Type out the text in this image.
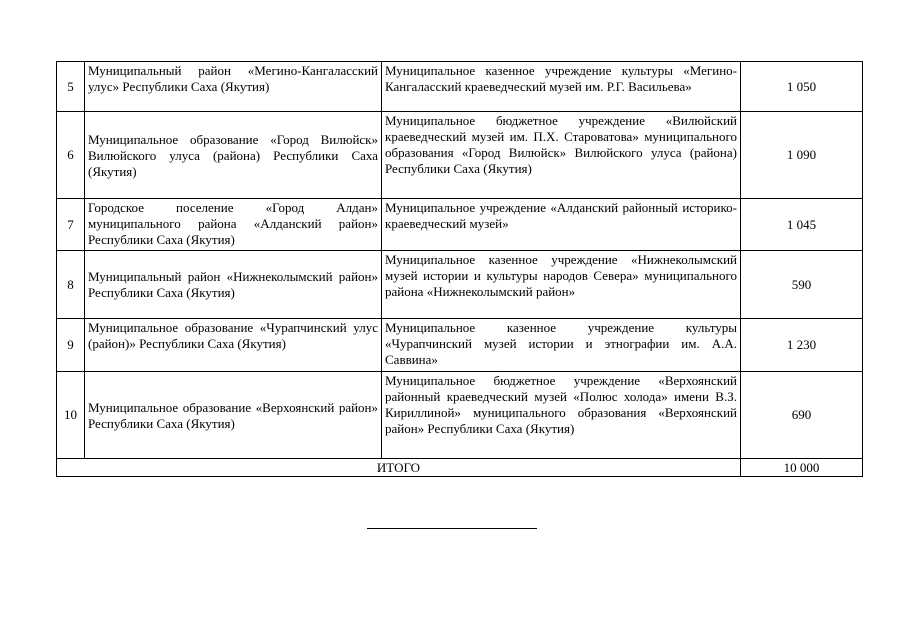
5	Муниципальный район «Мегино-Кангаласский улус» Республики Саха (Якутия)	Муниципальное казенное учреждение культуры «Мегино-Кангаласский краеведческий музей им. Р.Г. Васильева»	1 050
6	Муниципальное образование «Город Вилюйск» Вилюйского улуса (района) Республики Саха (Якутия)	Муниципальное бюджетное учреждение «Вилюйский краеведческий музей им. П.Х. Староватова» муниципального образования «Город Вилюйск» Вилюйского улуса (района) Республики Саха (Якутия)	1 090
7	Городское поселение «Город Алдан» муниципального района «Алданский район» Республики Саха (Якутия)	Муниципальное учреждение «Алданский районный историко-краеведческий музей»	1 045
8	Муниципальный район «Нижнеколымский район» Республики Саха (Якутия)	Муниципальное казенное учреждение «Нижнеколымский музей истории и культуры народов Севера» муниципального района «Нижнеколымский район»	590
9	Муниципальное образование «Чурапчинский улус (район)» Республики Саха (Якутия)	Муниципальное казенное учреждение культуры «Чурапчинский музей истории и этнографии им. А.А. Саввина»	1 230
10	Муниципальное образование «Верхоянский район» Республики Саха (Якутия)	Муниципальное бюджетное учреждение «Верхоянский районный краеведческий музей «Полюс холода» имени В.З. Кириллиной» муниципального образования «Верхоянский район» Республики Саха (Якутия)	690
ИТОГО			10 000
